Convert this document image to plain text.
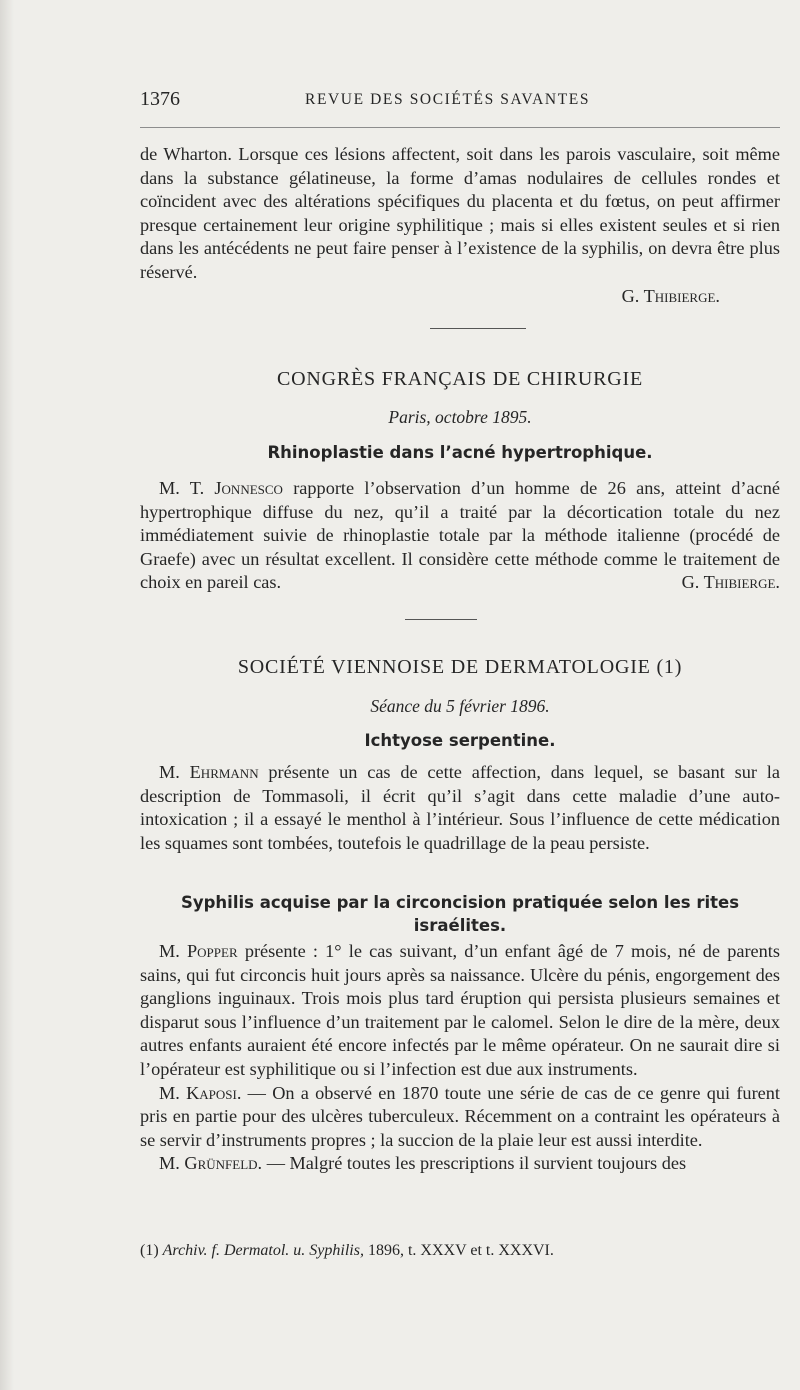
1376	REVUE DES SOCIÉTÉS SAVANTES

de Wharton. Lorsque ces lésions affectent, soit dans les parois vasculaire, soit même dans la substance gélatineuse, la forme d’amas nodulaires de cellules rondes et coïncident avec des altérations spécifiques du placenta et du fœtus, on peut affirmer presque certainement leur origine syphilitique ; mais si elles existent seules et si rien dans les antécédents ne peut faire penser à l’existence de la syphilis, on devra être plus réservé.

G. Thibierge.

CONGRÈS FRANÇAIS DE CHIRURGIE

Paris, octobre 1895.

Rhinoplastie dans l’acné hypertrophique.

M. T. Jonnesco rapporte l’observation d’un homme de 26 ans, atteint d’acné hypertrophique diffuse du nez, qu’il a traité par la décortication totale du nez immédiatement suivie de rhinoplastie totale par la méthode italienne (procédé de Graefe) avec un résultat excellent. Il considère cette méthode comme le traitement de choix en pareil cas.	G. Thibierge.

SOCIÉTÉ VIENNOISE DE DERMATOLOGIE (1)

Séance du 5 février 1896.

Ichtyose serpentine.

M. Ehrmann présente un cas de cette affection, dans lequel, se basant sur la description de Tommasoli, il écrit qu’il s’agit dans cette maladie d’une auto-intoxication ; il a essayé le menthol à l’intérieur. Sous l’influence de cette médication les squames sont tombées, toutefois le quadrillage de la peau persiste.

Syphilis acquise par la circoncision pratiquée selon les rites israélites.

M. Popper présente : 1° le cas suivant, d’un enfant âgé de 7 mois, né de parents sains, qui fut circoncis huit jours après sa naissance. Ulcère du pénis, engorgement des ganglions inguinaux. Trois mois plus tard éruption qui persista plusieurs semaines et disparut sous l’influence d’un traitement par le calomel. Selon le dire de la mère, deux autres enfants auraient été encore infectés par le même opérateur. On ne saurait dire si l’opérateur est syphilitique ou si l’infection est due aux instruments.

M. Kaposi. — On a observé en 1870 toute une série de cas de ce genre qui furent pris en partie pour des ulcères tuberculeux. Récemment on a contraint les opérateurs à se servir d’instruments propres ; la succion de la plaie leur est aussi interdite.

M. Grünfeld. — Malgré toutes les prescriptions il survient toujours des

(1) Archiv. f. Dermatol. u. Syphilis, 1896, t. XXXV et t. XXXVI.
